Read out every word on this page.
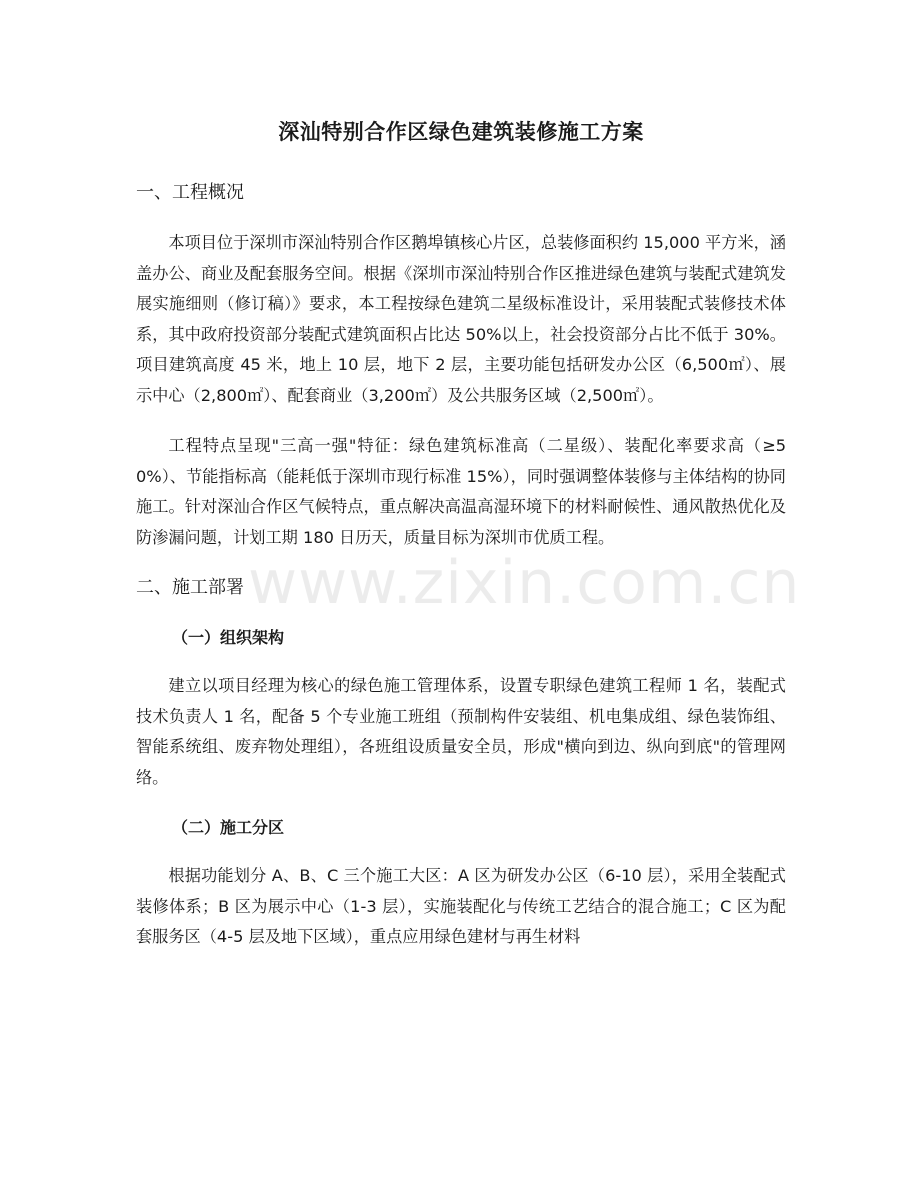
深汕特别合作区绿色建筑装修施工方案
一、工程概况

本项目位于深圳市深汕特别合作区鹅埠镇核心片区，总装修面积约 15,000 平方米，涵盖办公、商业及配套服务空间。根据《深圳市深汕特别合作区推进绿色建筑与装配式建筑发展实施细则（修订稿）》要求，本工程按绿色建筑二星级标准设计，采用装配式装修技术体系，其中政府投资部分装配式建筑面积占比达 50%以上，社会投资部分占比不低于 30%。项目建筑高度 45 米，地上 10 层，地下 2 层，主要功能包括研发办公区（6,500㎡）、展示中心（2,800㎡）、配套商业（3,200㎡）及公共服务区域（2,500㎡）。

工程特点呈现"三高一强"特征：绿色建筑标准高（二星级）、装配化率要求高（≥50%）、节能指标高（能耗低于深圳市现行标准 15%），同时强调整体装修与主体结构的协同施工。针对深汕合作区气候特点，重点解决高温高湿环境下的材料耐候性、通风散热优化及防渗漏问题，计划工期 180 日历天，质量目标为深圳市优质工程。

二、施工部署
（一）组织架构

建立以项目经理为核心的绿色施工管理体系，设置专职绿色建筑工程师 1 名，装配式技术负责人 1 名，配备 5 个专业施工班组（预制构件安装组、机电集成组、绿色装饰组、智能系统组、废弃物处理组），各班组设质量安全员，形成"横向到边、纵向到底"的管理网络。

（二）施工分区

根据功能划分 A、B、C 三个施工大区：A 区为研发办公区（6-10 层），采用全装配式装修体系；B 区为展示中心（1-3 层），实施装配化与传统工艺结合的混合施工；C 区为配套服务区（4-5 层及地下区域），重点应用绿色建材与再生材料

www.zixin.com.cn
